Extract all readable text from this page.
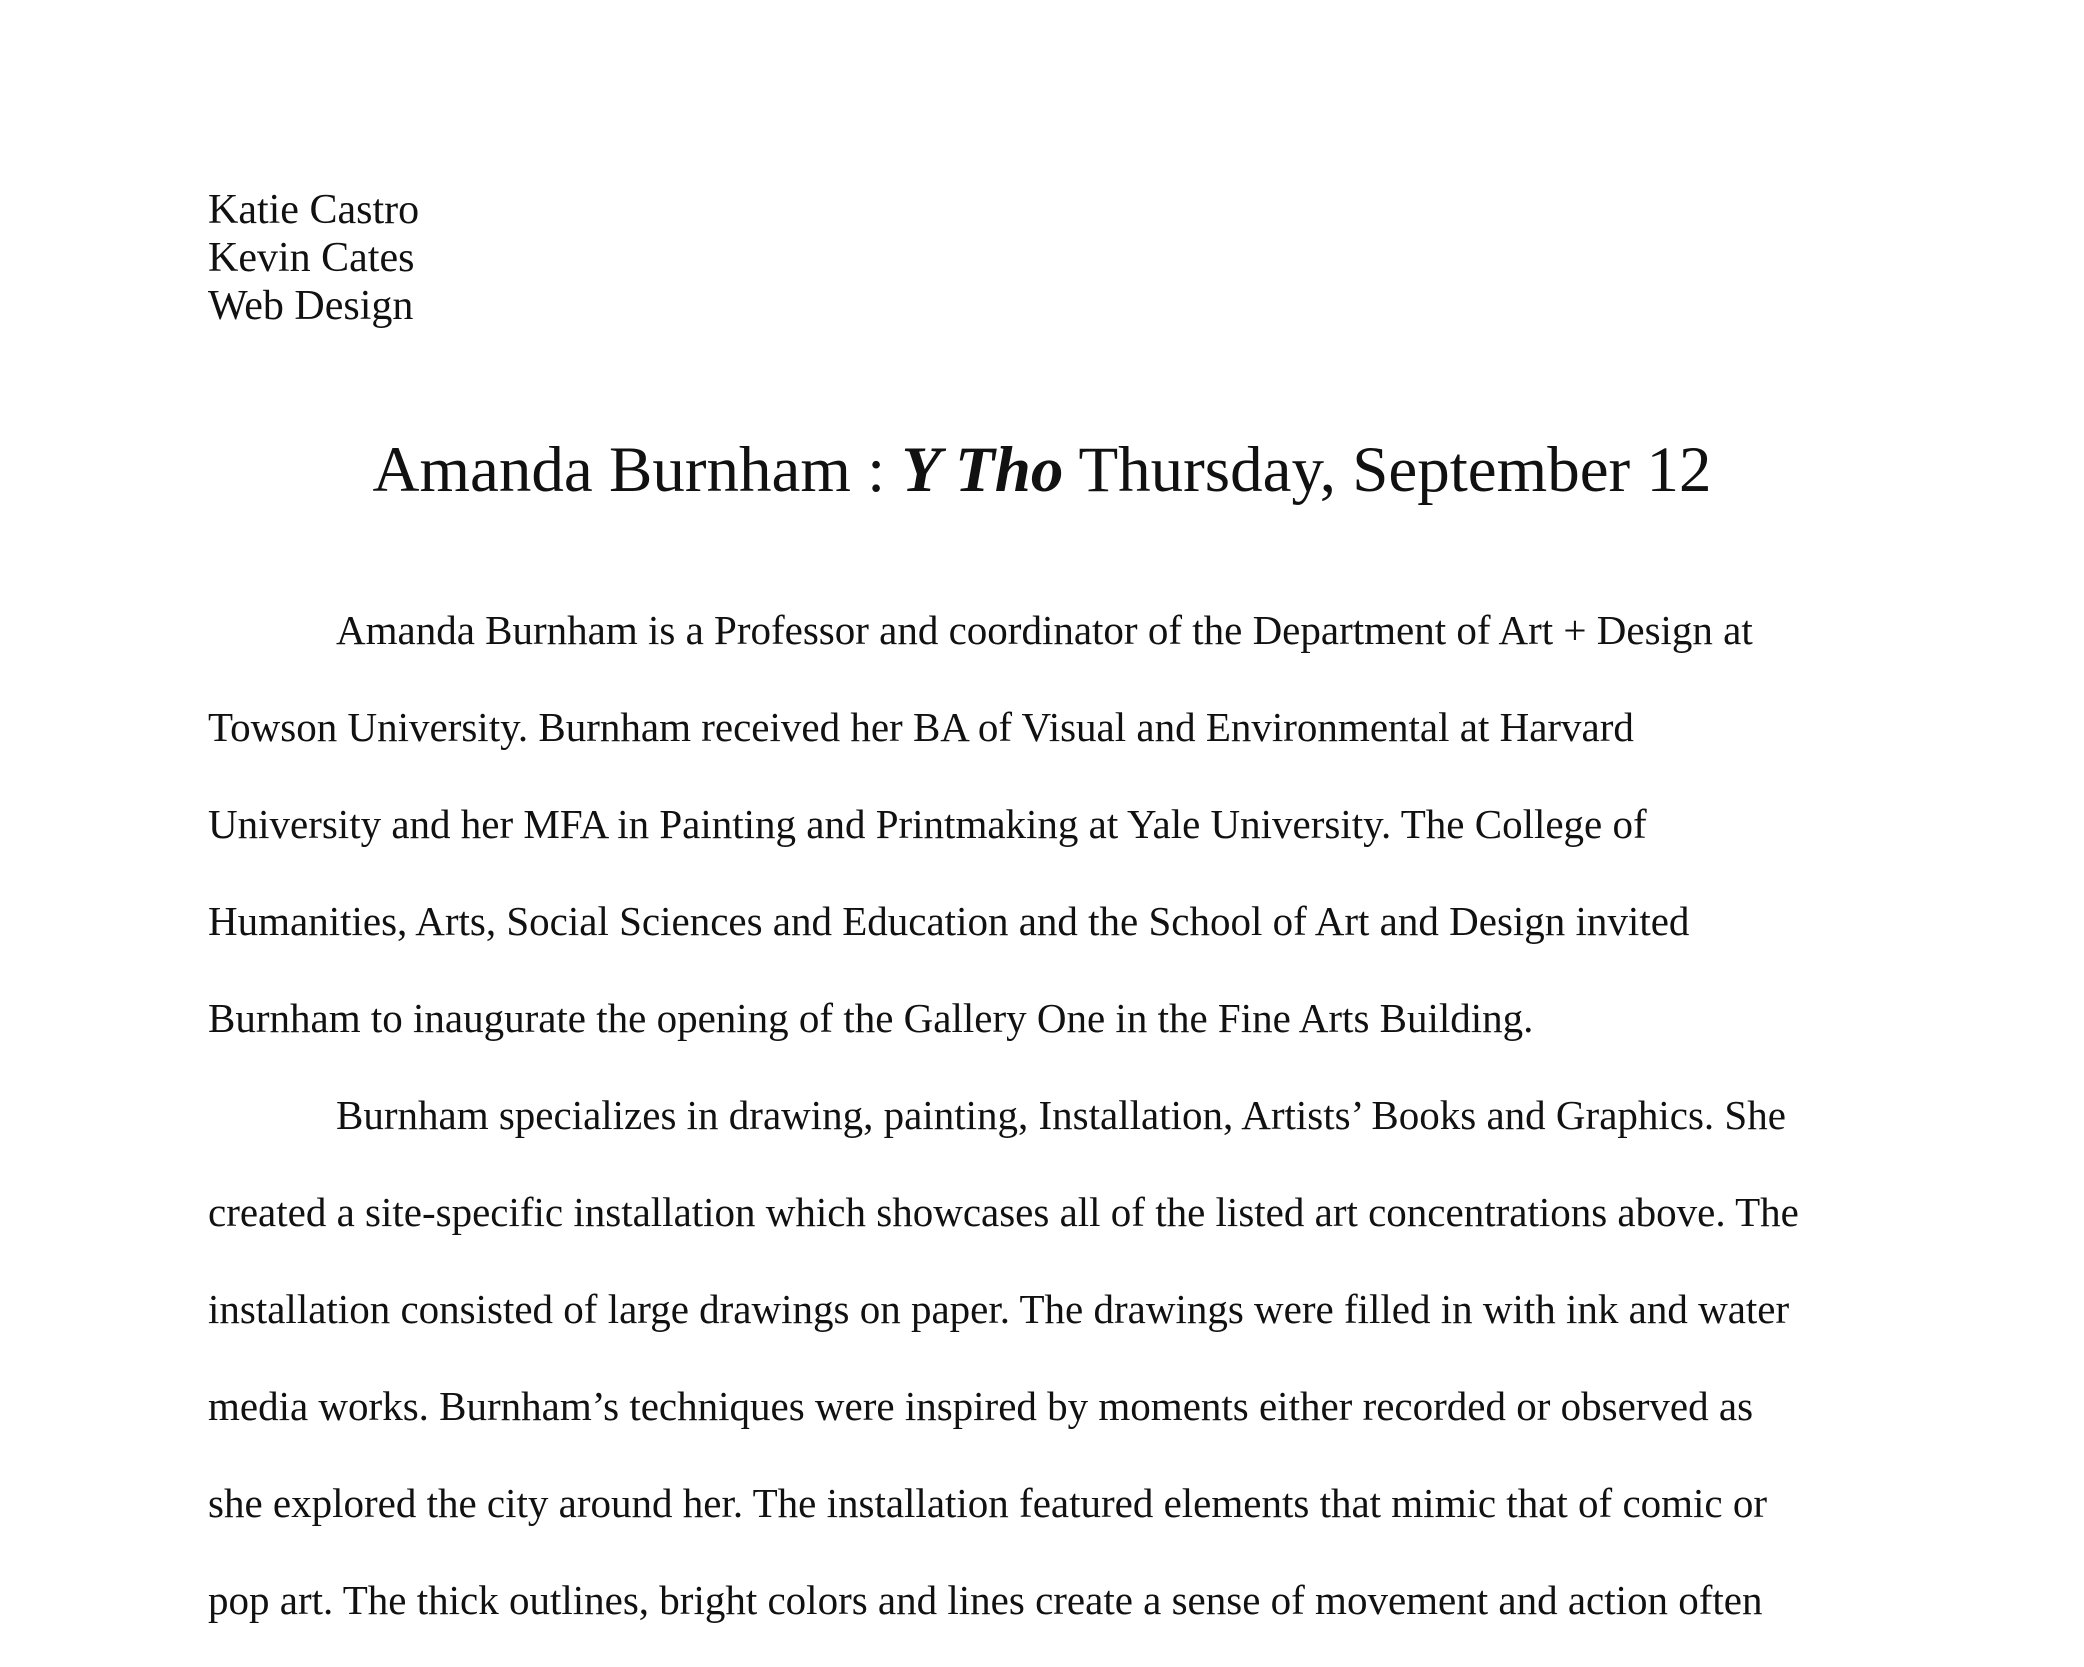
Katie Castro
Kevin Cates
Web Design
Amanda Burnham : Y Tho Thursday, September 12
Amanda Burnham is a Professor and coordinator of the Department of Art + Design at
Towson University. Burnham received her BA of Visual and Environmental at Harvard
University and her MFA in Painting and Printmaking at Yale University. The College of
Humanities, Arts, Social Sciences and Education and the School of Art and Design invited
Burnham to inaugurate the opening of the Gallery One in the Fine Arts Building.
Burnham specializes in drawing, painting, Installation, Artists’ Books and Graphics. She
created a site-specific installation which showcases all of the listed art concentrations above. The
installation consisted of large drawings on paper. The drawings were filled in with ink and water
media works. Burnham’s techniques were inspired by moments either recorded or observed as
she explored the city around her. The installation featured elements that mimic that of comic or
pop art. The thick outlines, bright colors and lines create a sense of movement and action often
